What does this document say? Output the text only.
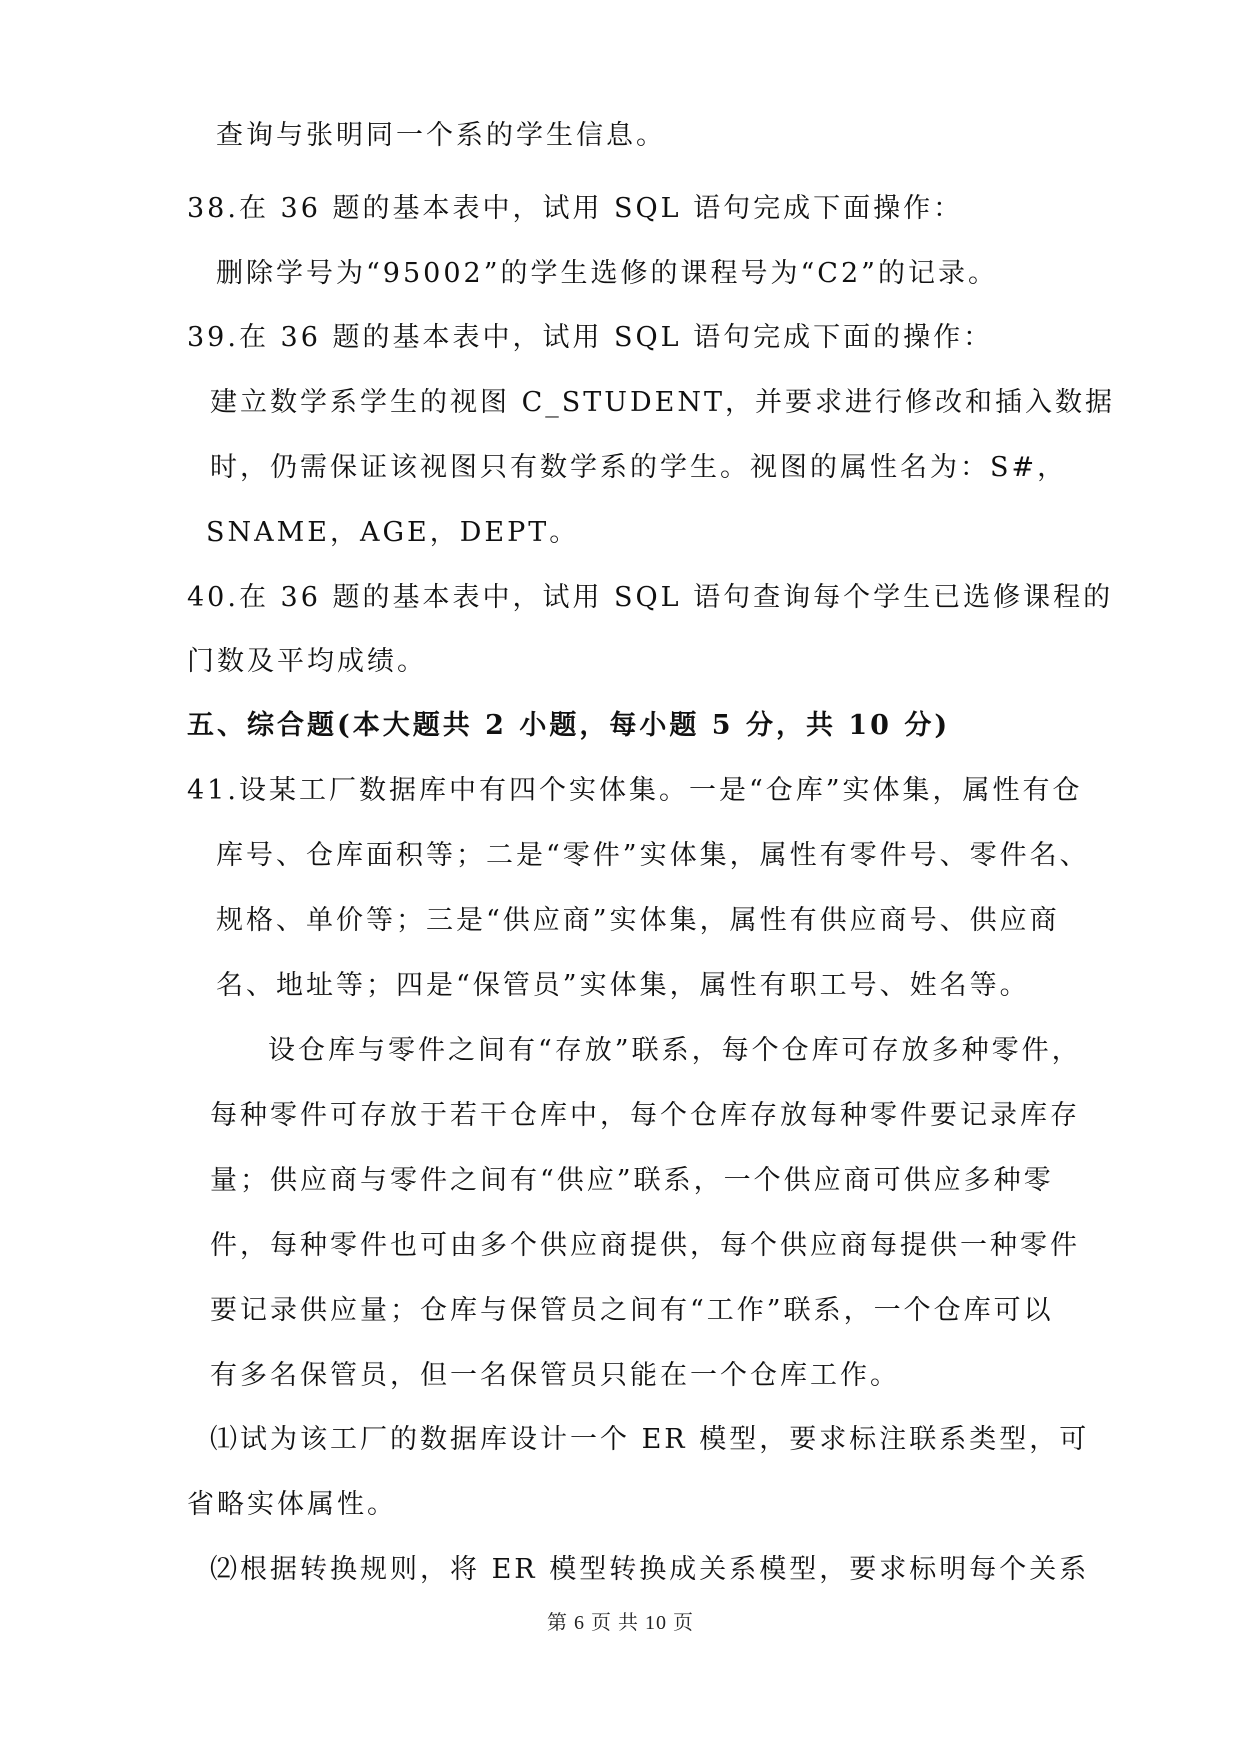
查询与张明同一个系的学生信息。
38.在 36 题的基本表中，试用 SQL 语句完成下面操作：
删除学号为“95002”的学生选修的课程号为“C2”的记录。
39.在 36 题的基本表中，试用 SQL 语句完成下面的操作：
建立数学系学生的视图 C_STUDENT，并要求进行修改和插入数据
时，仍需保证该视图只有数学系的学生。视图的属性名为：S#，
SNAME，AGE，DEPT。
40.在 36 题的基本表中，试用 SQL 语句查询每个学生已选修课程的
门数及平均成绩。
五、综合题(本大题共 2 小题，每小题 5 分，共 10 分)
41.设某工厂数据库中有四个实体集。一是“仓库”实体集，属性有仓
库号、仓库面积等；二是“零件”实体集，属性有零件号、零件名、
规格、单价等；三是“供应商”实体集，属性有供应商号、供应商
名、地址等；四是“保管员”实体集，属性有职工号、姓名等。
设仓库与零件之间有“存放”联系，每个仓库可存放多种零件，
每种零件可存放于若干仓库中，每个仓库存放每种零件要记录库存
量；供应商与零件之间有“供应”联系，一个供应商可供应多种零
件，每种零件也可由多个供应商提供，每个供应商每提供一种零件
要记录供应量；仓库与保管员之间有“工作”联系，一个仓库可以
有多名保管员，但一名保管员只能在一个仓库工作。
⑴试为该工厂的数据库设计一个 ER 模型，要求标注联系类型，可
省略实体属性。
⑵根据转换规则，将 ER 模型转换成关系模型，要求标明每个关系
第 6 页 共 10 页
